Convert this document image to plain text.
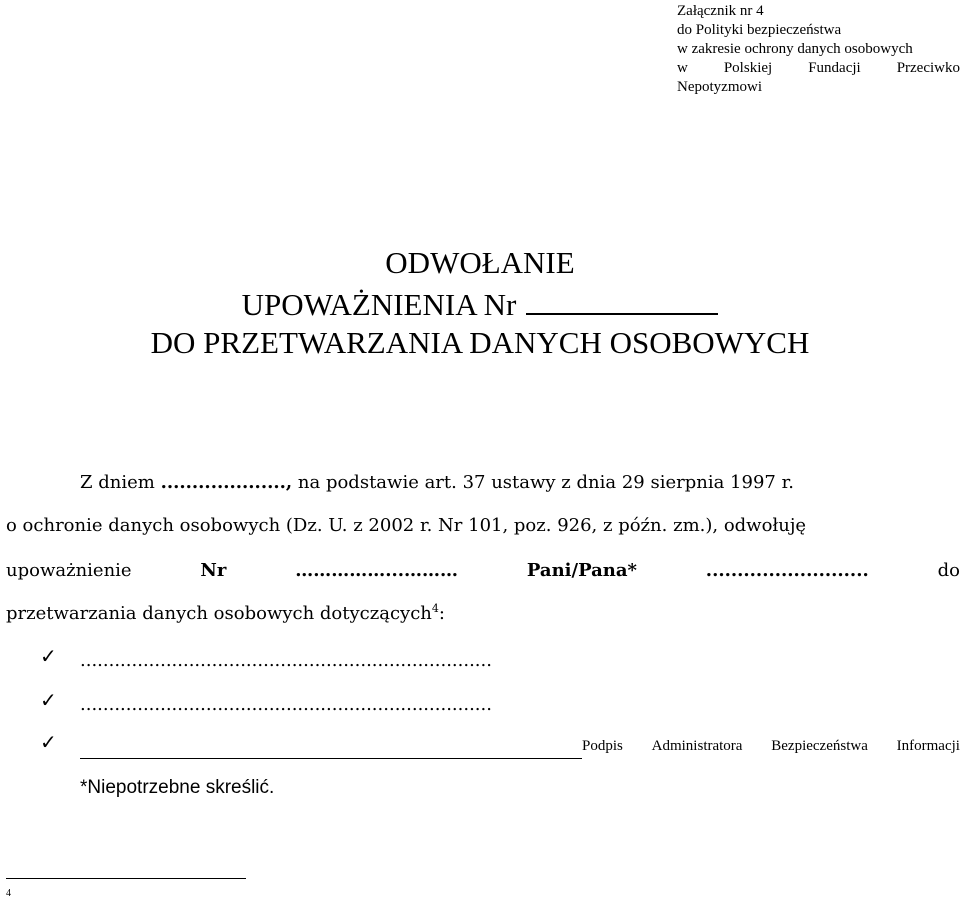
Załącznik nr 4
do Polityki bezpieczeństwa
w zakresie ochrony danych osobowych
w Polskiej Fundacji Przeciwko
Nepotyzmowi
ODWOŁANIE
UPOWAŻNIENIA Nr
DO PRZETWARZANIA DANYCH OSOBOWYCH
Z dniem ...................., na podstawie art. 37 ustawy z dnia 29 sierpnia 1997 r.
o ochronie danych osobowych (Dz. U. z 2002 r. Nr 101, poz. 926, z późn. zm.), odwołuję
upoważnienie	Nr	……………...………	Pani/Pana*	..........................	do
przetwarzania danych osobowych dotyczących$^4$:
✓ ........................................................................
✓ ........................................................................
✓	Podpis Administratora Bezpieczeństwa Informacji
*Niepotrzebne skreślić.
4
